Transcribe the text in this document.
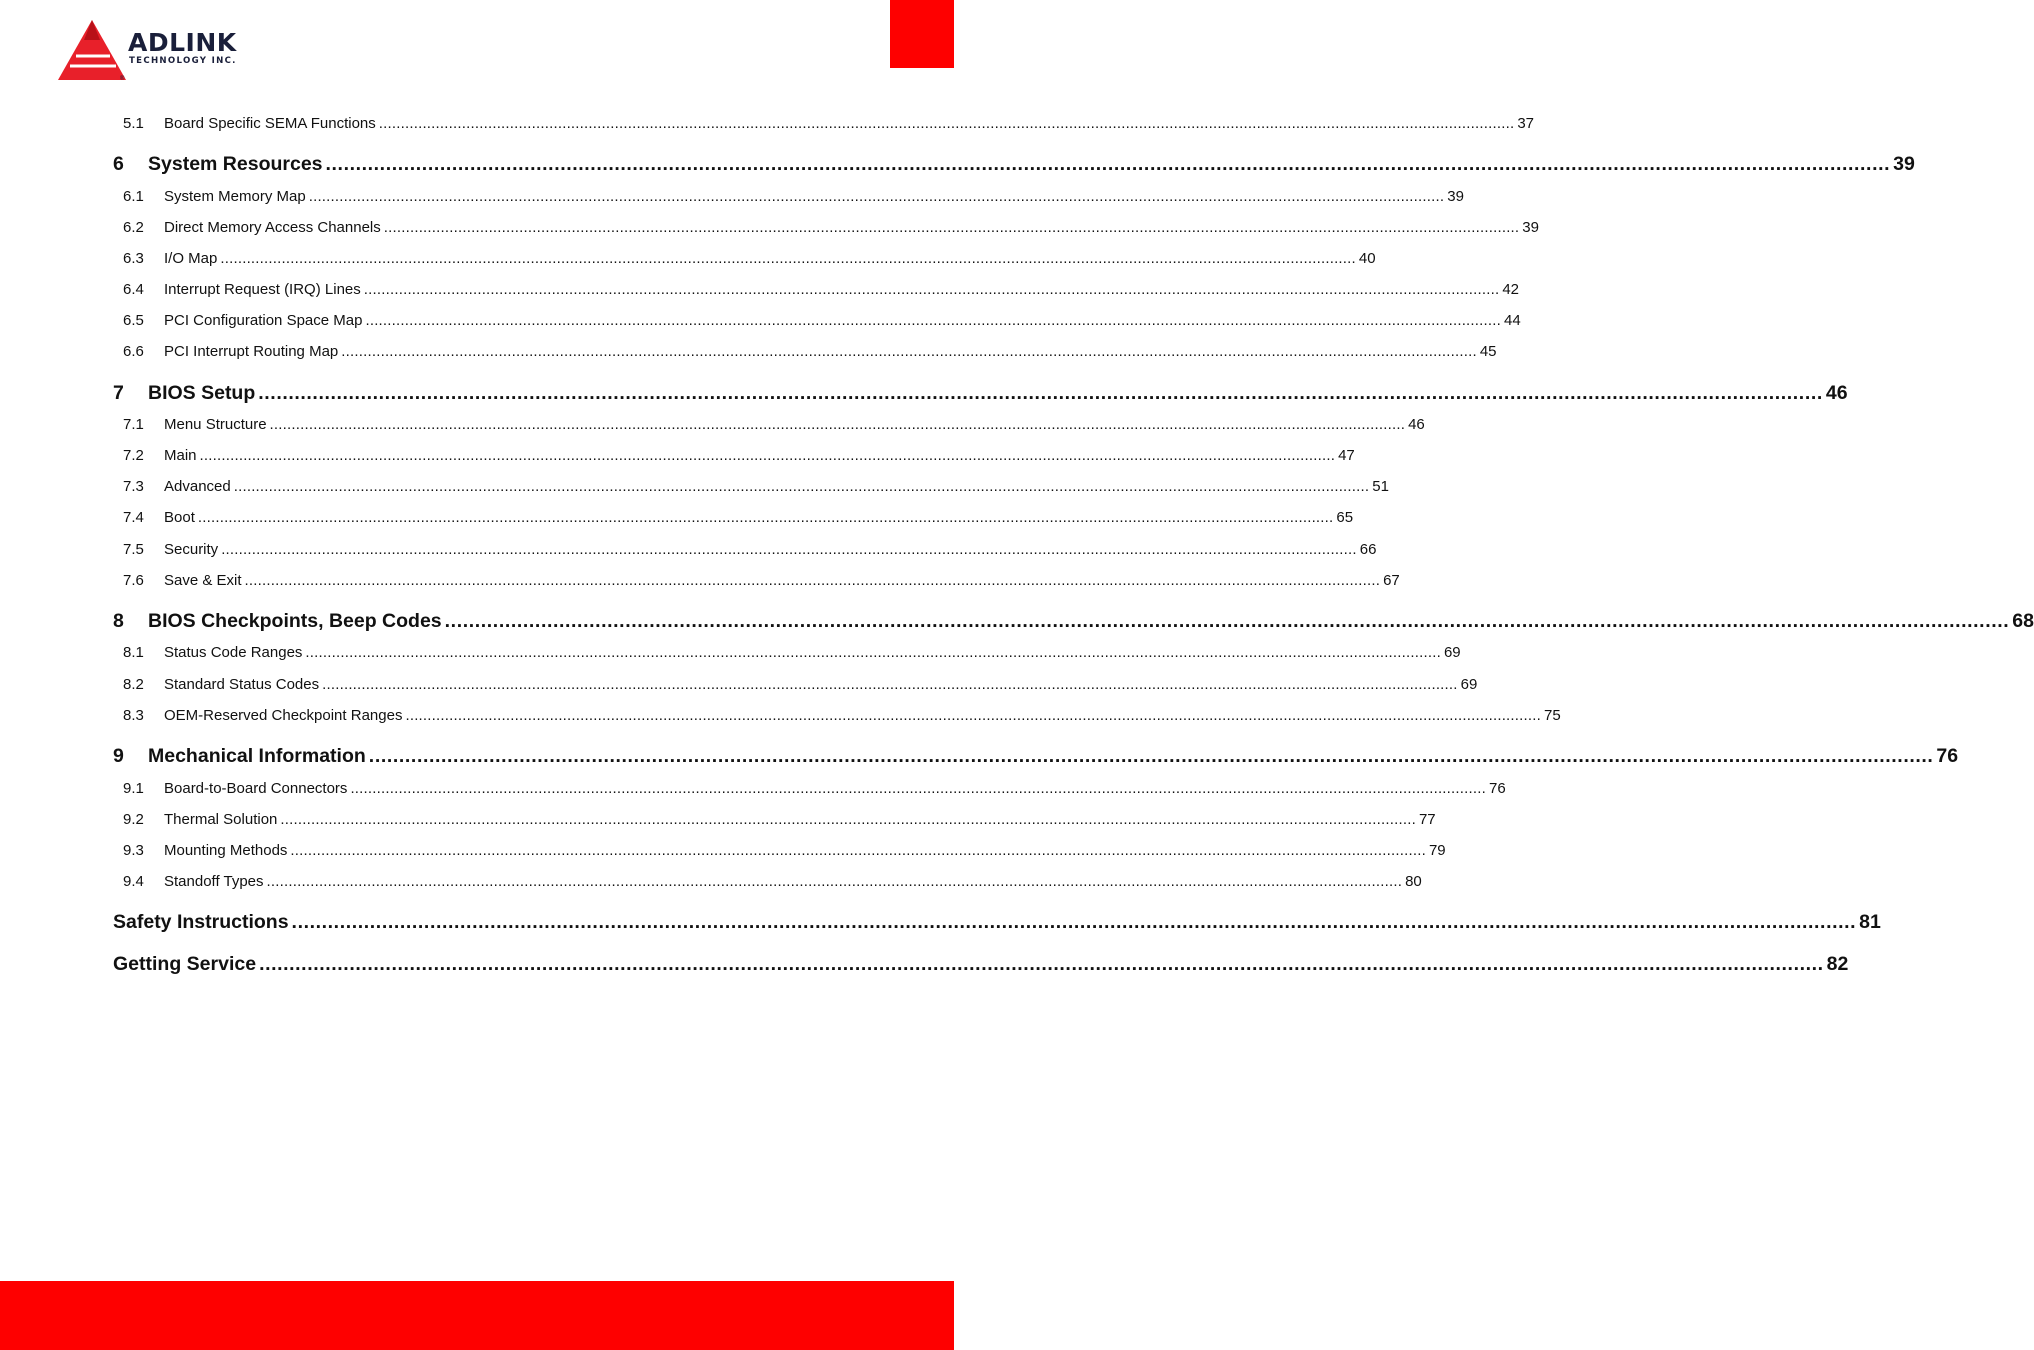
ADLINK
TECHNOLOGY INC.
®
5.1	Board Specific SEMA Functions .................................................................................................................................................................................................................................................................... 37
6	System Resources .................................................................................................................................................................................................................................................................... 39
6.1	System Memory Map .................................................................................................................................................................................................................................................................... 39
6.2	Direct Memory Access Channels .................................................................................................................................................................................................................................................................... 39
6.3	I/O Map .................................................................................................................................................................................................................................................................... 40
6.4	Interrupt Request (IRQ) Lines .................................................................................................................................................................................................................................................................... 42
6.5	PCI Configuration Space Map .................................................................................................................................................................................................................................................................... 44
6.6	PCI Interrupt Routing Map .................................................................................................................................................................................................................................................................... 45
7	BIOS Setup .................................................................................................................................................................................................................................................................... 46
7.1	Menu Structure .................................................................................................................................................................................................................................................................... 46
7.2	Main .................................................................................................................................................................................................................................................................... 47
7.3	Advanced .................................................................................................................................................................................................................................................................... 51
7.4	Boot .................................................................................................................................................................................................................................................................... 65
7.5	Security .................................................................................................................................................................................................................................................................... 66
7.6	Save & Exit .................................................................................................................................................................................................................................................................... 67
8	BIOS Checkpoints, Beep Codes .................................................................................................................................................................................................................................................................... 68
8.1	Status Code Ranges .................................................................................................................................................................................................................................................................... 69
8.2	Standard Status Codes .................................................................................................................................................................................................................................................................... 69
8.3	OEM-Reserved Checkpoint Ranges .................................................................................................................................................................................................................................................................... 75
9	Mechanical Information .................................................................................................................................................................................................................................................................... 76
9.1	Board-to-Board Connectors .................................................................................................................................................................................................................................................................... 76
9.2	Thermal Solution .................................................................................................................................................................................................................................................................... 77
9.3	Mounting Methods .................................................................................................................................................................................................................................................................... 79
9.4	Standoff Types .................................................................................................................................................................................................................................................................... 80
Safety Instructions .................................................................................................................................................................................................................................................................... 81
Getting Service .................................................................................................................................................................................................................................................................... 82
